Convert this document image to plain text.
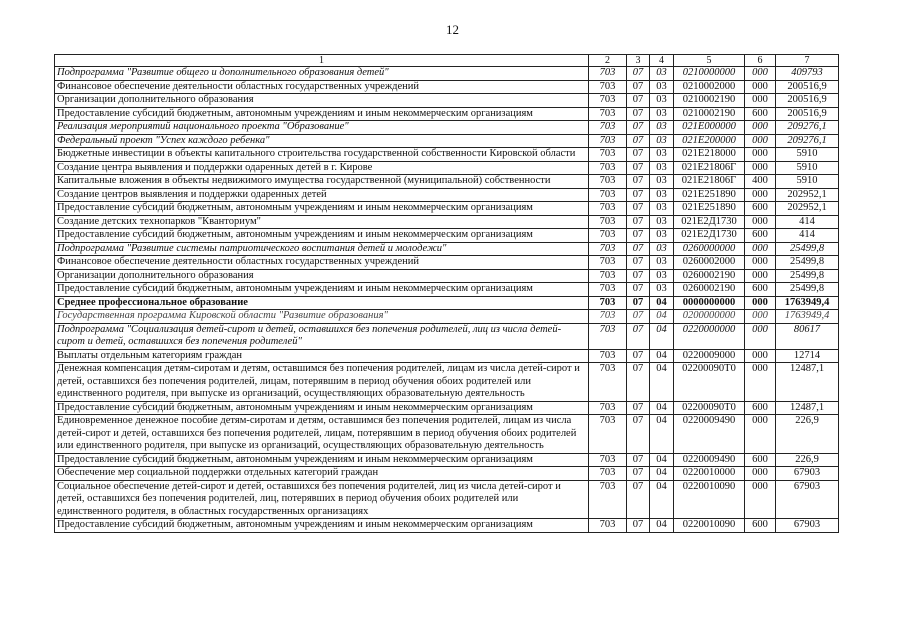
12
1	2	3	4	5	6	7
Подпрограмма "Развитие общего и дополнительного образования детей"	703	07	03	0210000000	000	409793
Финансовое обеспечение деятельности областных государственных учреждений	703	07	03	0210002000	000	200516,9
Организации дополнительного образования	703	07	03	0210002190	000	200516,9
Предоставление субсидий бюджетным, автономным учреждениям и иным некоммерческим организациям	703	07	03	0210002190	600	200516,9
Реализация мероприятий национального проекта "Образование"	703	07	03	021Е000000	000	209276,1
Федеральный проект "Успех каждого ребенка"	703	07	03	021Е200000	000	209276,1
Бюджетные инвестиции в объекты капитального строительства государственной собственности Кировской области	703	07	03	021Е218000	000	5910
Создание центра выявления и поддержки одаренных детей в г. Кирове	703	07	03	021Е21806Г	000	5910
Капитальные вложения в объекты недвижимого имущества государственной (муниципальной) собственности	703	07	03	021Е21806Г	400	5910
Создание центров выявления и поддержки одаренных детей	703	07	03	021Е251890	000	202952,1
Предоставление субсидий бюджетным, автономным учреждениям и иным некоммерческим организациям	703	07	03	021Е251890	600	202952,1
Создание детских технопарков "Кванториум"	703	07	03	021Е2Д1730	000	414
Предоставление субсидий бюджетным, автономным учреждениям и иным некоммерческим организациям	703	07	03	021Е2Д1730	600	414
Подпрограмма "Развитие системы патриотического воспитания детей и молодежи"	703	07	03	0260000000	000	25499,8
Финансовое обеспечение деятельности областных государственных учреждений	703	07	03	0260002000	000	25499,8
Организации дополнительного образования	703	07	03	0260002190	000	25499,8
Предоставление субсидий бюджетным, автономным учреждениям и иным некоммерческим организациям	703	07	03	0260002190	600	25499,8
Среднее профессиональное образование	703	07	04	0000000000	000	1763949,4
Государственная программа Кировской области "Развитие образования"	703	07	04	0200000000	000	1763949,4
Подпрограмма "Социализация детей-сирот и детей, оставшихся без попечения родителей, лиц из числа детей-сирот и детей, оставшихся без попечения родителей"	703	07	04	0220000000	000	80617
Выплаты отдельным категориям граждан	703	07	04	0220009000	000	12714
Денежная компенсация детям-сиротам и детям, оставшимся без попечения родителей, лицам из числа детей-сирот и детей, оставшихся без попечения родителей, лицам, потерявшим в период обучения обоих родителей или единственного родителя, при выпуске из организаций, осуществляющих образовательную деятельность	703	07	04	02200090Т0	000	12487,1
Предоставление субсидий бюджетным, автономным учреждениям и иным некоммерческим организациям	703	07	04	02200090Т0	600	12487,1
Единовременное денежное пособие детям-сиротам и детям, оставшимся без попечения родителей, лицам из числа детей-сирот и детей, оставшихся без попечения родителей, лицам, потерявшим в период обучения обоих родителей или единственного родителя, при выпуске из организаций, осуществляющих образовательную деятельность	703	07	04	0220009490	000	226,9
Предоставление субсидий бюджетным, автономным учреждениям и иным некоммерческим организациям	703	07	04	0220009490	600	226,9
Обеспечение мер социальной поддержки отдельных категорий граждан	703	07	04	0220010000	000	67903
Социальное обеспечение детей-сирот и детей, оставшихся без попечения родителей, лиц из числа детей-сирот и детей, оставшихся без попечения родителей, лиц, потерявших в период обучения обоих родителей или единственного родителя, в областных государственных организациях	703	07	04	0220010090	000	67903
Предоставление субсидий бюджетным, автономным учреждениям и иным некоммерческим организациям	703	07	04	0220010090	600	67903
